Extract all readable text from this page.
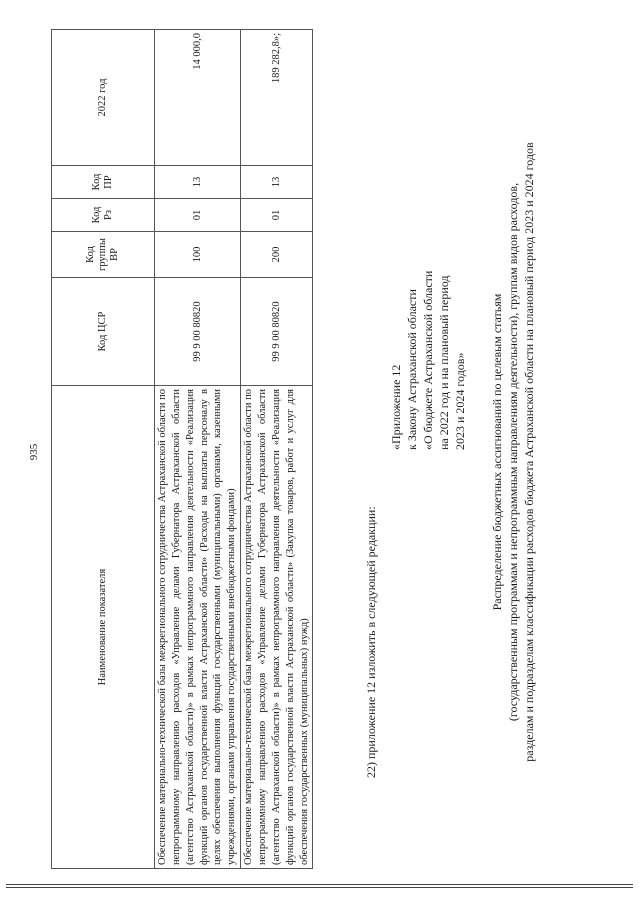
935
Наименование показателя	Код ЦСР	Код группы ВР	Код Рз	Код ПР	2022 год
Обеспечение материально-технической базы межрегионального сотрудничества Астраханской области по непрограммному направлению расходов «Управление делами Губернатора Астраханской области (агентство Астраханской области)» в рамках непрограммного направления деятельности «Реализация функций органов государственной власти Астраханской области» (Расходы на выплаты персоналу в целях обеспечения выполнения функций государственными (муниципальными) органами, казенными учреждениями, органами управления государственными внебюджетными фондами)	99 9 00 80820	100	01	13	14 000,0
Обеспечение материально-технической базы межрегионального сотрудничества Астраханской области по непрограммному направлению расходов «Управление делами Губернатора Астраханской области (агентство Астраханской области)» в рамках непрограммного направления деятельности «Реализация функций органов государственной власти Астраханской области» (Закупка товаров, работ и услуг для обеспечения государственных (муниципальных) нужд)	99 9 00 80820	200	01	13	189 282,8»;
22) приложение 12 изложить в следующей редакции:
«Приложение 12 к Закону Астраханской области «О бюджете Астраханской области на 2022 год и на плановый период 2023 и 2024 годов» Распределение бюджетных ассигнований по целевым статьям (государственным программам и непрограммным направлениям деятельности), группам видов расходов, разделам и подразделам классификации расходов бюджета Астраханской области на плановый период 2023 и 2024 годов
